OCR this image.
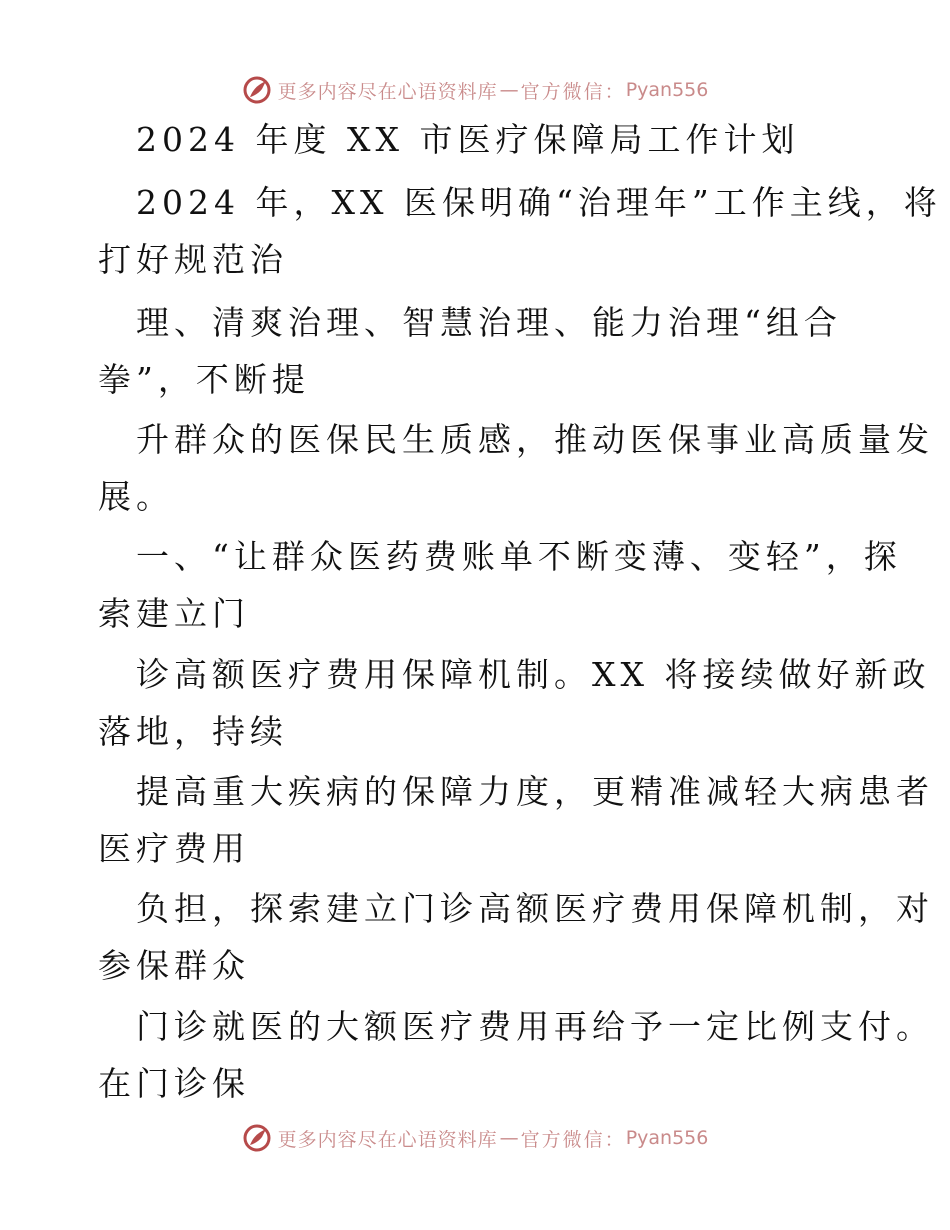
更多内容尽在心语资料库 — 官方微信： Pyan556
2024 年度 XX 市医疗保障局工作计划
2024 年，XX 医保明确“治理年”工作主线，将
打好规范治
理、清爽治理、智慧治理、能力治理“组合
拳”，不断提
升群众的医保民生质感，推动医保事业高质量发
展。
一、“让群众医药费账单不断变薄、变轻”，探
索建立门
诊高额医疗费用保障机制。XX 将接续做好新政
落地，持续
提高重大疾病的保障力度，更精准减轻大病患者
医疗费用
负担，探索建立门诊高额医疗费用保障机制，对
参保群众
门诊就医的大额医疗费用再给予一定比例支付。
在门诊保
更多内容尽在心语资料库 — 官方微信： Pyan556
